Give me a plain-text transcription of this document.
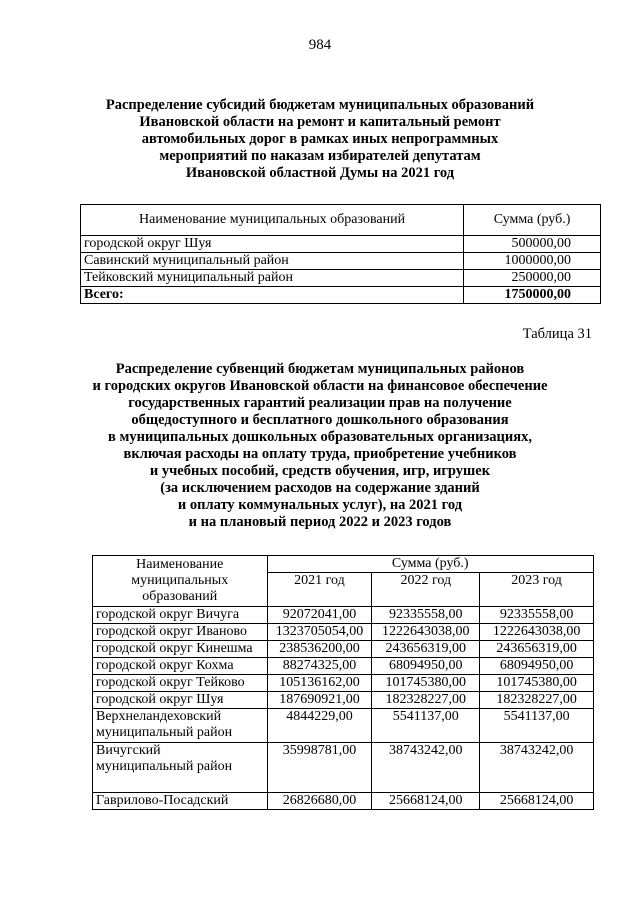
984
Распределение субсидий бюджетам муниципальных образований
Ивановской области на ремонт и капитальный ремонт
автомобильных дорог в рамках иных непрограммных
мероприятий по наказам избирателей депутатам
Ивановской областной Думы на 2021 год
Наименование муниципальных образований	Сумма (руб.)
городской округ Шуя	500000,00
Савинский муниципальный район	1000000,00
Тейковский муниципальный район	250000,00
Всего:	1750000,00
Таблица 31
Распределение субвенций бюджетам муниципальных районов
и городских округов Ивановской области на финансовое обеспечение
государственных гарантий реализации прав на получение
общедоступного и бесплатного дошкольного образования
в муниципальных дошкольных образовательных организациях,
включая расходы на оплату труда, приобретение учебников
и учебных пособий, средств обучения, игр, игрушек
(за исключением расходов на содержание зданий
и оплату коммунальных услуг), на 2021 год
и на плановый период 2022 и 2023 годов
Наименование
муниципальных
образований	Сумма (руб.)		
	2021 год	2022 год	2023 год
городской округ Вичуга	92072041,00	92335558,00	92335558,00
городской округ Иваново	1323705054,00	1222643038,00	1222643038,00
городской округ Кинешма	238536200,00	243656319,00	243656319,00
городской округ Кохма	88274325,00	68094950,00	68094950,00
городской округ Тейково	105136162,00	101745380,00	101745380,00
городской округ Шуя	187690921,00	182328227,00	182328227,00

Верхнеландеховский
муниципальный район	4844229,00	5541137,00	5541137,00

Вичугский
муниципальный район	35998781,00	38743242,00	38743242,00
Гаврилово-Посадский	26826680,00	25668124,00	25668124,00
